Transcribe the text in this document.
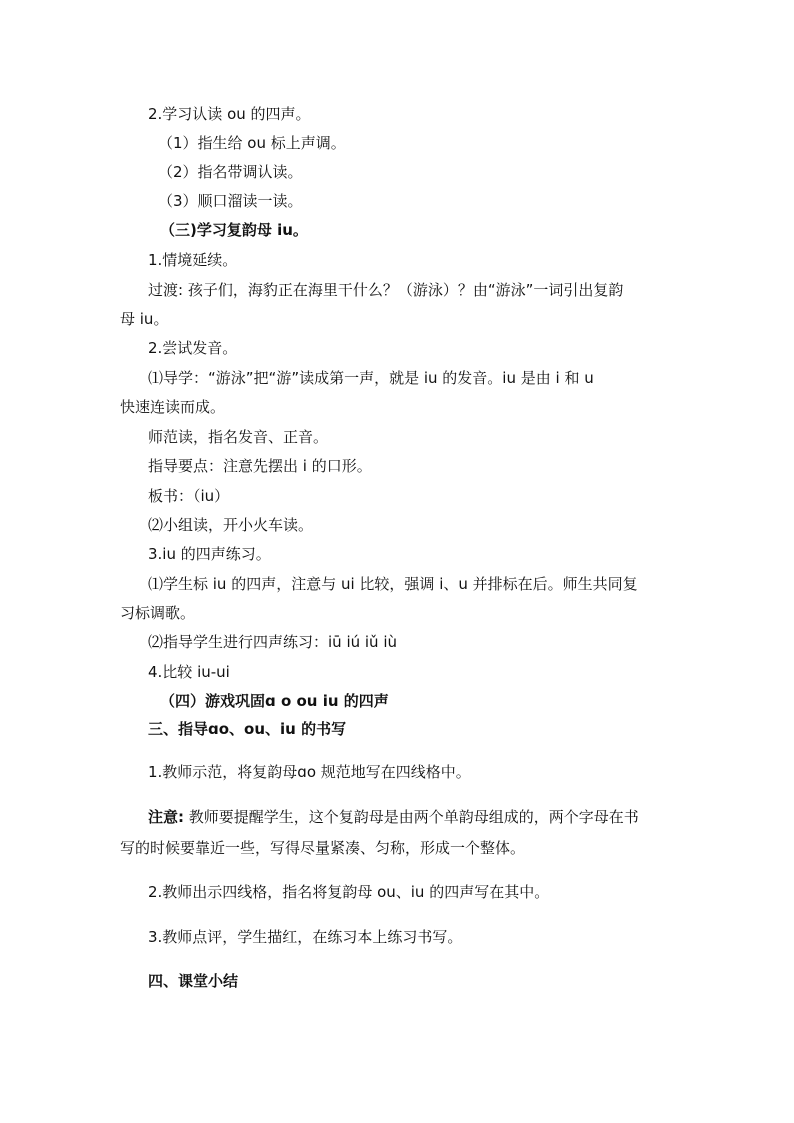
2.学习认读 ou 的四声。
（1）指生给 ou 标上声调。
（2）指名带调认读。
（3）顺口溜读一读。
（三)学习复韵母 iu。
1.情境延续。
过渡: 孩子们，海豹正在海里干什么？（游泳）？由“游泳”一词引出复韵
母 iu。
2.尝试发音。
⑴导学：“游泳”把“游”读成第一声，就是 iu 的发音。iu 是由 i 和 u
快速连读而成。
师范读，指名发音、正音。
指导要点：注意先摆出 i 的口形。
板书：（iu）
⑵小组读，开小火车读。
3.iu 的四声练习。
⑴学生标 iu 的四声，注意与 ui 比较，强调 i、u 并排标在后。师生共同复
习标调歌。
⑵指导学生进行四声练习：iū iú iǔ iù
4.比较 iu-ui
（四）游戏巩固ɑ o ou iu 的四声
三、指导ɑo、ou、iu 的书写
1.教师示范，将复韵母ɑo 规范地写在四线格中。
注意: 教师要提醒学生，这个复韵母是由两个单韵母组成的，两个字母在书
写的时候要靠近一些，写得尽量紧凑、匀称，形成一个整体。
2.教师出示四线格，指名将复韵母 ou、iu 的四声写在其中。
3.教师点评，学生描红，在练习本上练习书写。
四、课堂小结
